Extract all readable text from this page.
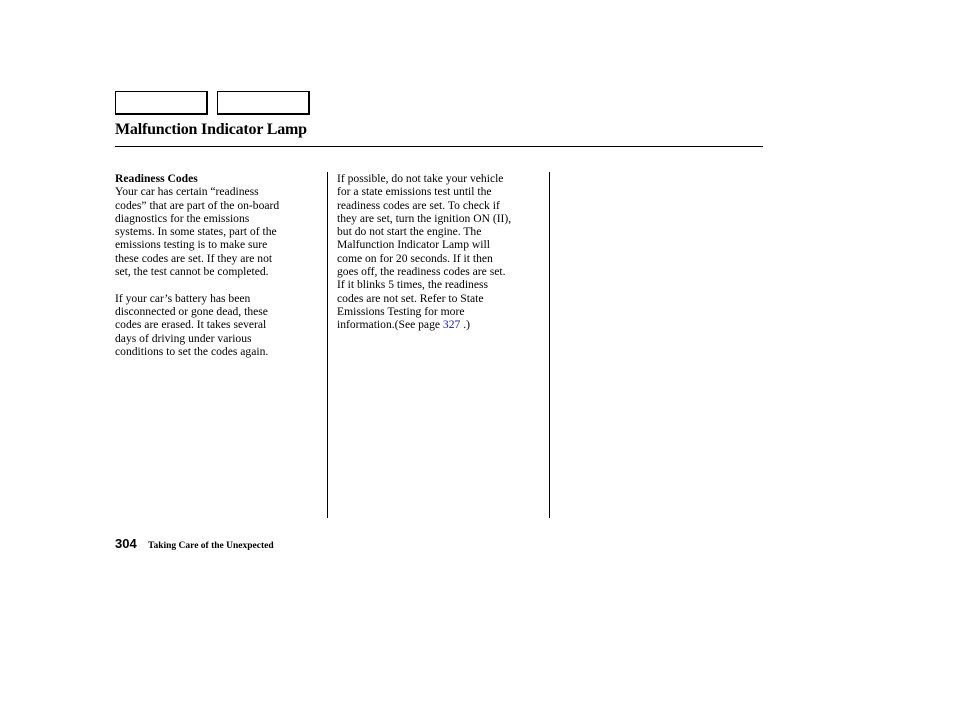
Malfunction Indicator Lamp
Readiness Codes

Your car has certain “readiness

codes” that are part of the on-board

diagnostics for the emissions

systems. In some states, part of the

emissions testing is to make sure

these codes are set. If they are not

set, the test cannot be completed.

If your car’s battery has been

disconnected or gone dead, these

codes are erased. It takes several

days of driving under various

conditions to set the codes again.

If possible, do not take your vehicle

for a state emissions test until the

readiness codes are set. To check if

they are set, turn the ignition ON (II),

but do not start the engine. The

Malfunction Indicator Lamp will

come on for 20 seconds. If it then

goes off, the readiness codes are set.

If it blinks 5 times, the readiness

codes are not set. Refer to State

Emissions Testing for more

information.(See page 327 .)

304 Taking Care of the Unexpected
